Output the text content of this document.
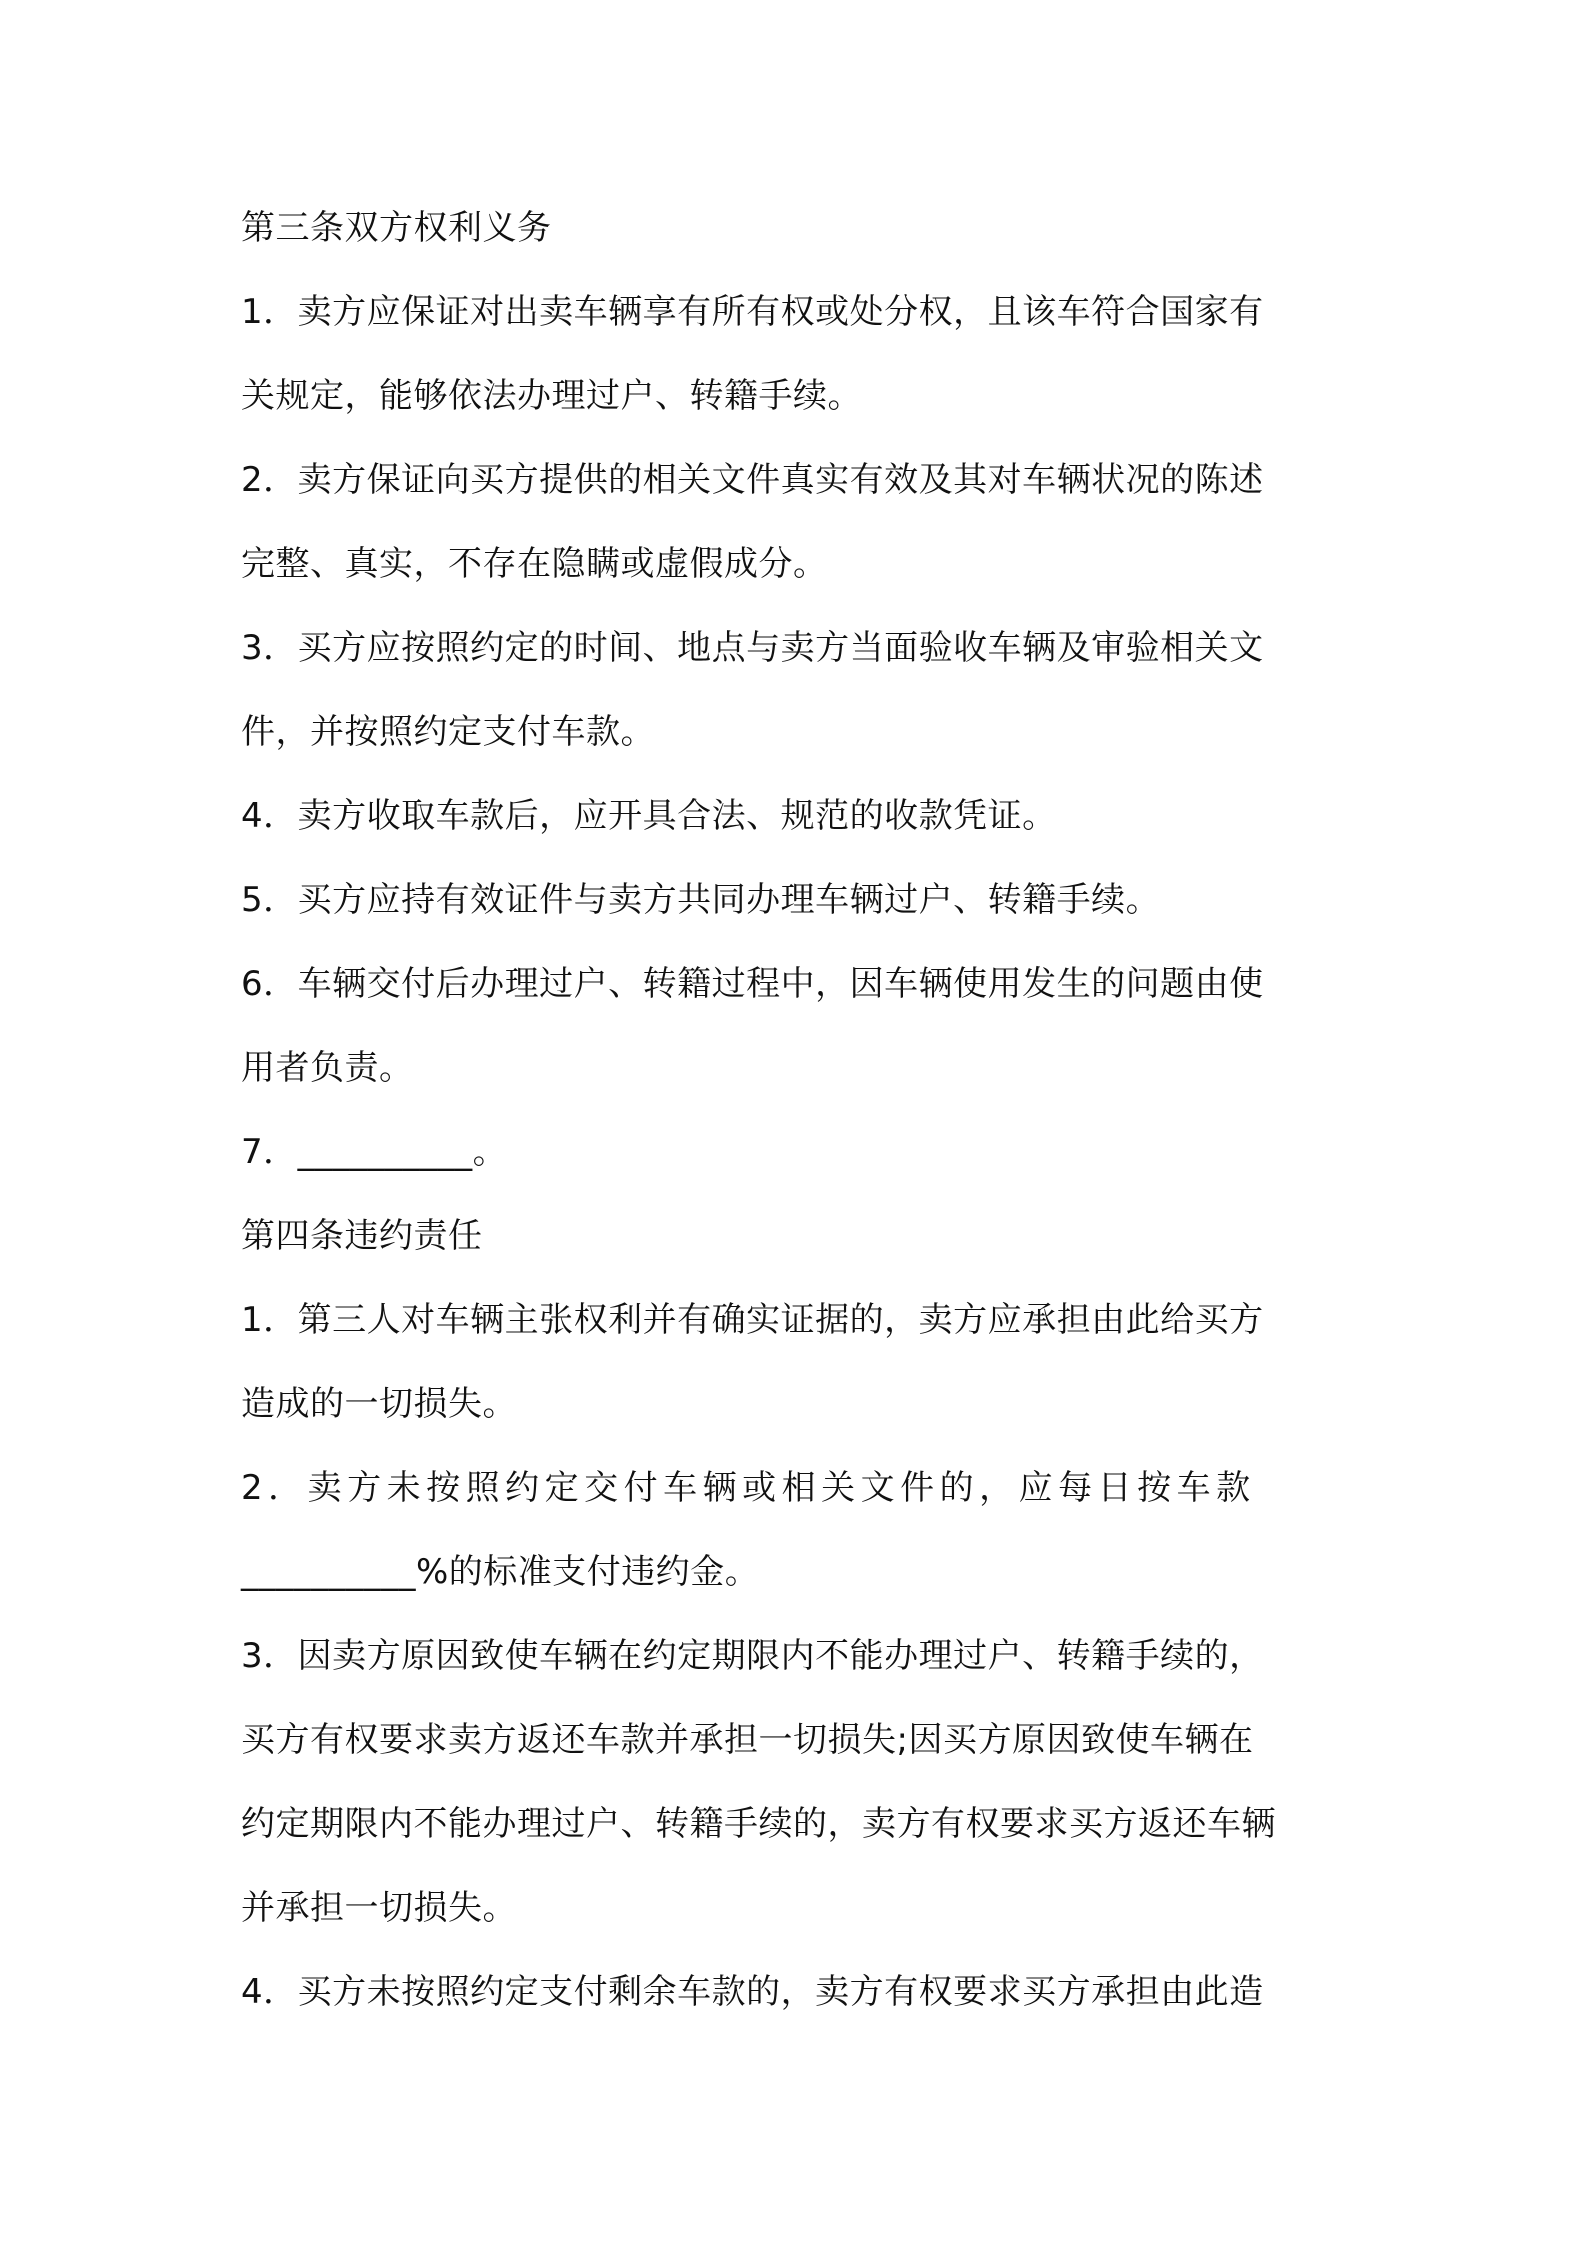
第三条双方权利义务
1．卖方应保证对出卖车辆享有所有权或处分权，且该车符合国家有
关规定，能够依法办理过户、转籍手续。
2．卖方保证向买方提供的相关文件真实有效及其对车辆状况的陈述
完整、真实，不存在隐瞒或虚假成分。
3．买方应按照约定的时间、地点与卖方当面验收车辆及审验相关文
件，并按照约定支付车款。
4．卖方收取车款后，应开具合法、规范的收款凭证。
5．买方应持有效证件与卖方共同办理车辆过户、转籍手续。
6．车辆交付后办理过户、转籍过程中，因车辆使用发生的问题由使
用者负责。
7．__________。
第四条违约责任
1．第三人对车辆主张权利并有确实证据的，卖方应承担由此给买方
造成的一切损失。
2．卖方未按照约定交付车辆或相关文件的，应每日按车款
__________%的标准支付违约金。
3．因卖方原因致使车辆在约定期限内不能办理过户、转籍手续的，
买方有权要求卖方返还车款并承担一切损失;因买方原因致使车辆在
约定期限内不能办理过户、转籍手续的，卖方有权要求买方返还车辆
并承担一切损失。
4．买方未按照约定支付剩余车款的，卖方有权要求买方承担由此造
